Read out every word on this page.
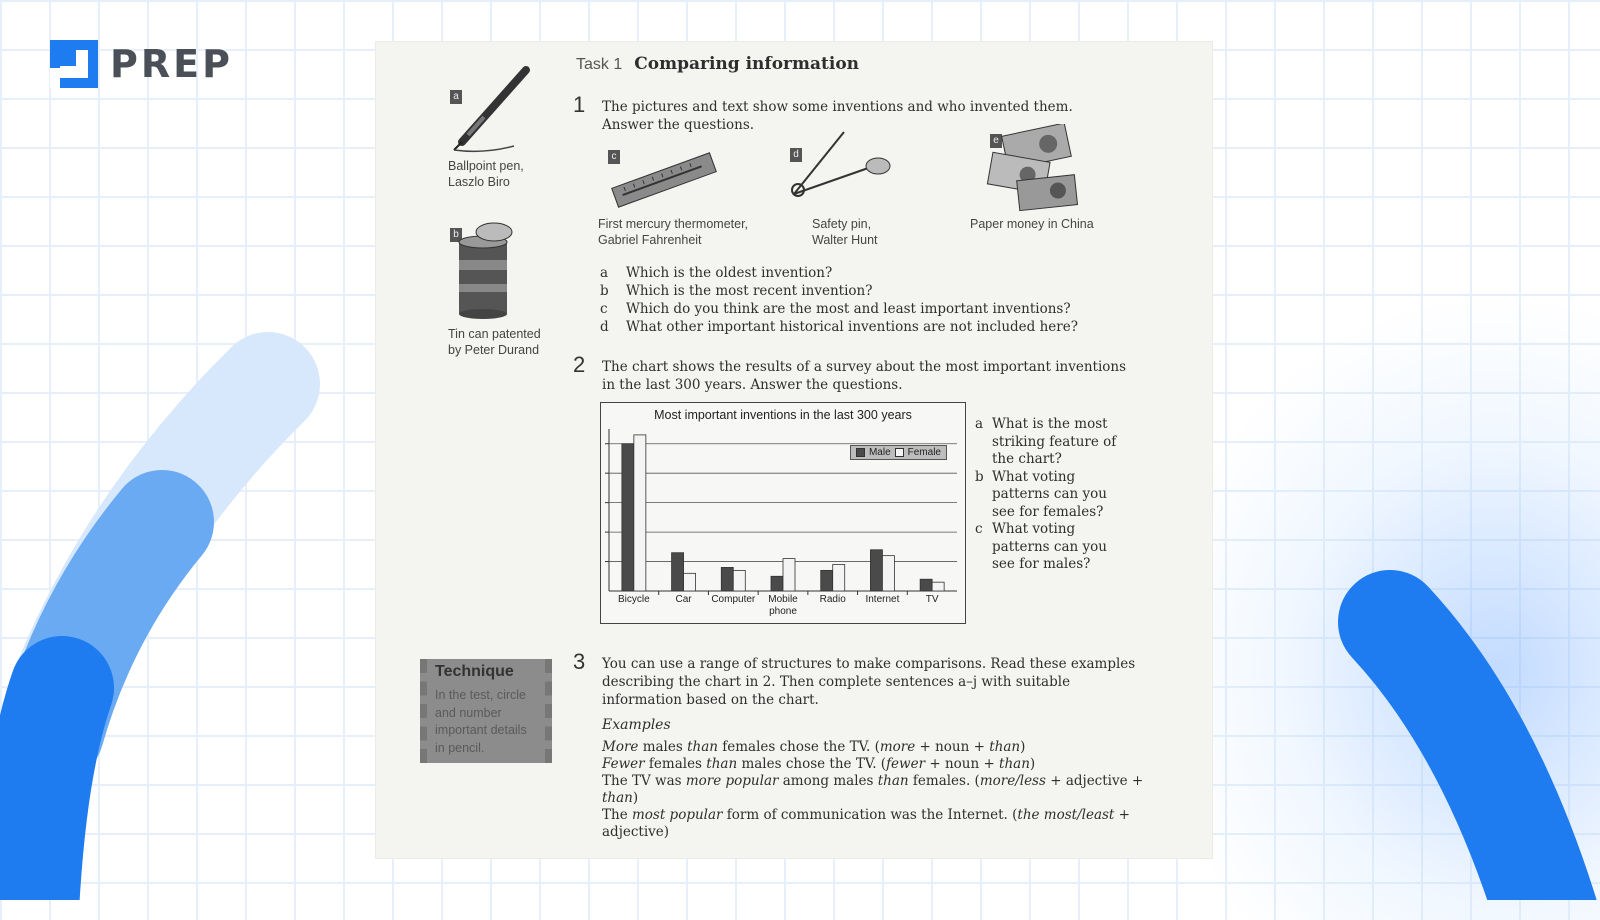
PREP	Task 1 Comparing information
1 The pictures and text show some inventions and who invented them.
Answer the questions.
a
Ballpoint pen,
Laszlo Biro
b
Tin can patented
by Peter Durand
c
First mercury thermometer,
Gabriel Fahrenheit
d
Safety pin,
Walter Hunt
e
Paper money in China
a	Which is the oldest invention?
b	Which is the most recent invention?
c	Which do you think are the most and least important inventions?
d	What other important historical inventions are not included here?
2 The chart shows the results of a survey about the most important inventions
in the last 300 years. Answer the questions.
Most important inventions in the last 300 years
Male Female
Bicycle	Car Computer Mobile
phone
Radio Internet	TV
a What is the most
striking feature of
the chart?
b What voting
patterns can you
see for females?
c What voting
patterns can you
see for males?
Technique
In the test, circle
and number
important details
in pencil.
3 You can use a range of structures to make comparisons. Read these examples
describing the chart in 2. Then complete sentences a–j with suitable
information based on the chart.
Examples
More males than females chose the TV. (more + noun + than)
Fewer females than males chose the TV. (fewer + noun + than)
The TV was more popular among males than females. (more/less + adjective +
than)
The most popular form of communication was the Internet. (the most/least +
adjective)
